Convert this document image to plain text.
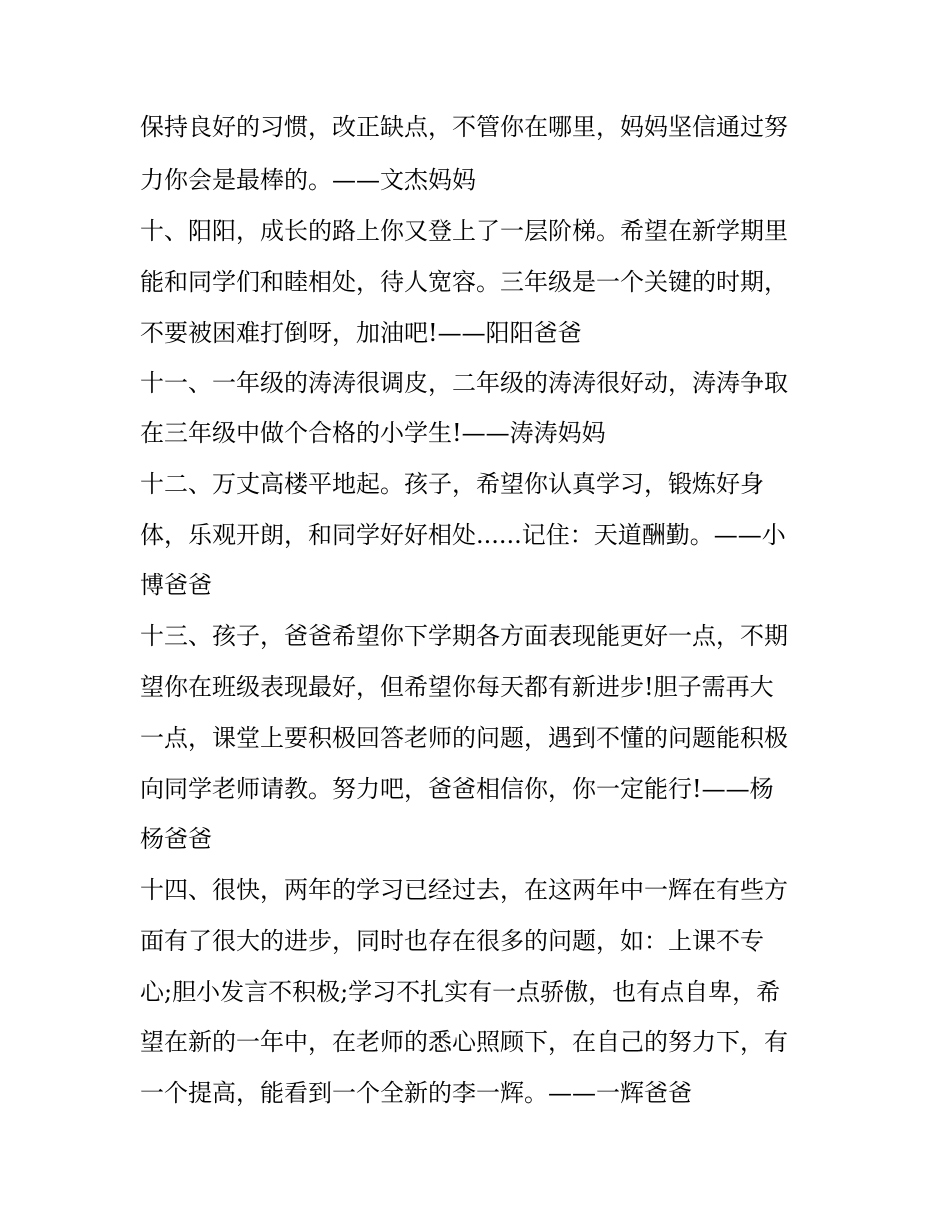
保持良好的习惯，改正缺点，不管你在哪里，妈妈坚信通过努
力你会是最棒的。——文杰妈妈
十、阳阳，成长的路上你又登上了一层阶梯。希望在新学期里
能和同学们和睦相处，待人宽容。三年级是一个关键的时期，
不要被困难打倒呀，加油吧!——阳阳爸爸
十一、一年级的涛涛很调皮，二年级的涛涛很好动，涛涛争取
在三年级中做个合格的小学生!——涛涛妈妈
十二、万丈高楼平地起。孩子，希望你认真学习，锻炼好身
体，乐观开朗，和同学好好相处......记住：天道酬勤。——小
博爸爸
十三、孩子，爸爸希望你下学期各方面表现能更好一点，不期
望你在班级表现最好，但希望你每天都有新进步!胆子需再大
一点，课堂上要积极回答老师的问题，遇到不懂的问题能积极
向同学老师请教。努力吧，爸爸相信你，你一定能行!——杨
杨爸爸
十四、很快，两年的学习已经过去，在这两年中一辉在有些方
面有了很大的进步，同时也存在很多的问题，如：上课不专
心;胆小发言不积极;学习不扎实有一点骄傲，也有点自卑，希
望在新的一年中，在老师的悉心照顾下，在自己的努力下，有
一个提高，能看到一个全新的李一辉。——一辉爸爸
